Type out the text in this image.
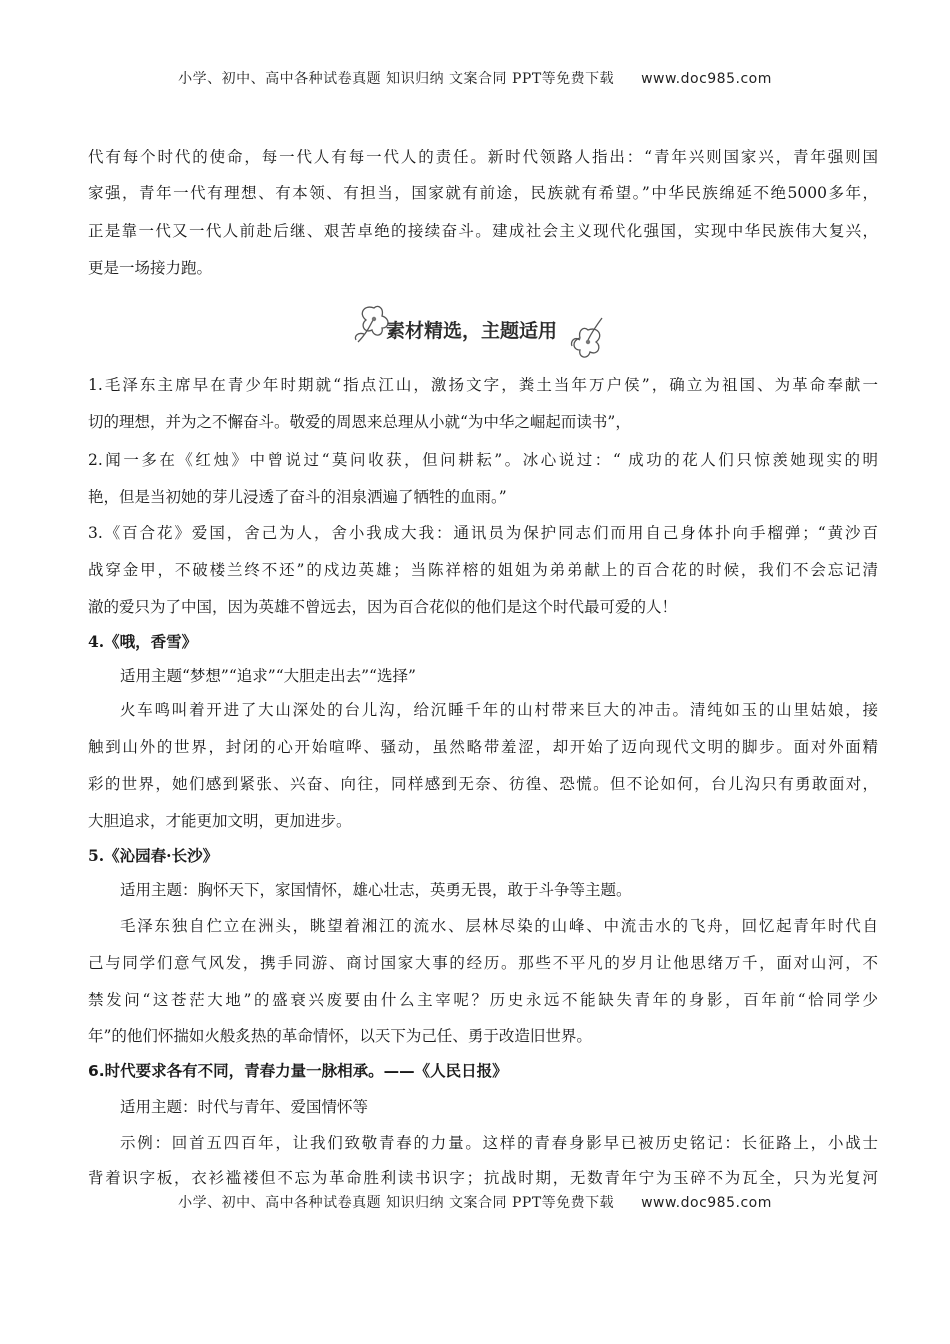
小学、初中、高中各种试卷真题 知识归纳 文案合同 PPT等免费下载 www.doc985.com
代有每个时代的使命，每一代人有每一代人的责任。新时代领路人指出：“青年兴则国家兴，青年强则国
家强，青年一代有理想、有本领、有担当，国家就有前途，民族就有希望。”中华民族绵延不绝5000多年，
正是靠一代又一代人前赴后继、艰苦卓绝的接续奋斗。建成社会主义现代化强国，实现中华民族伟大复兴，
更是一场接力跑。
素材精选，主题适用
1.毛泽东主席早在青少年时期就“指点江山，激扬文字，粪土当年万户侯”，确立为祖国、为革命奉献一
切的理想，并为之不懈奋斗。敬爱的周恩来总理从小就“为中华之崛起而读书”，
2.闻一多在《红烛》中曾说过“莫问收获，但问耕耘”。冰心说过：“ 成功的花人们只惊羡她现实的明
艳，但是当初她的芽儿浸透了奋斗的泪泉洒遍了牺牲的血雨。”
3.《百合花》爱国，舍己为人，舍小我成大我：通讯员为保护同志们而用自己身体扑向手榴弹；“黄沙百
战穿金甲，不破楼兰终不还”的戍边英雄；当陈祥榕的姐姐为弟弟献上的百合花的时候，我们不会忘记清
澈的爱只为了中国，因为英雄不曾远去，因为百合花似的他们是这个时代最可爱的人！
4.《哦，香雪》
适用主题“梦想”“追求”“大胆走出去”“选择”
火车鸣叫着开进了大山深处的台儿沟，给沉睡千年的山村带来巨大的冲击。清纯如玉的山里姑娘，接
触到山外的世界，封闭的心开始喧哗、骚动，虽然略带羞涩，却开始了迈向现代文明的脚步。面对外面精
彩的世界，她们感到紧张、兴奋、向往，同样感到无奈、彷徨、恐慌。但不论如何，台儿沟只有勇敢面对，
大胆追求，才能更加文明，更加进步。
5.《沁园春·长沙》
适用主题：胸怀天下，家国情怀，雄心壮志，英勇无畏，敢于斗争等主题。
毛泽东独自伫立在洲头，眺望着湘江的流水、层林尽染的山峰、中流击水的飞舟，回忆起青年时代自
己与同学们意气风发，携手同游、商讨国家大事的经历。那些不平凡的岁月让他思绪万千，面对山河，不
禁发问“这苍茫大地”的盛衰兴废要由什么主宰呢？历史永远不能缺失青年的身影，百年前“恰同学少
年”的他们怀揣如火般炙热的革命情怀，以天下为己任、勇于改造旧世界。
6.时代要求各有不同，青春力量一脉相承。——《人民日报》
适用主题：时代与青年、爱国情怀等
示例：回首五四百年，让我们致敬青春的力量。这样的青春身影早已被历史铭记：长征路上，小战士
背着识字板，衣衫褴褛但不忘为革命胜利读书识字；抗战时期，无数青年宁为玉碎不为瓦全，只为光复河
小学、初中、高中各种试卷真题 知识归纳 文案合同 PPT等免费下载 www.doc985.com
